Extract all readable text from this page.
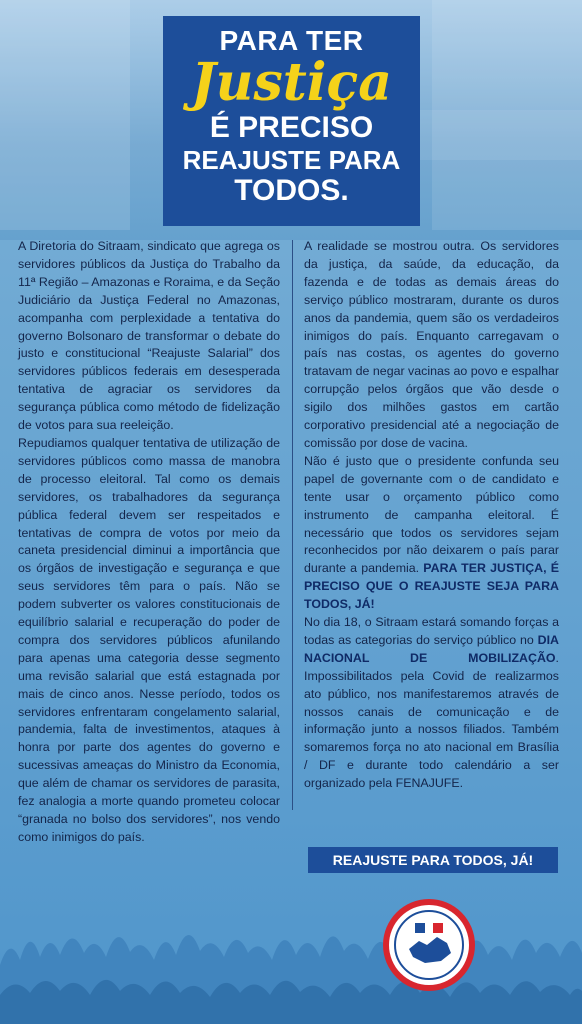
PARA TER
Justiça
É PRECISO
REAJUSTE PARA
TODOS.

A Diretoria do Sitraam, sindicato que agrega os servidores públicos da Justiça do Trabalho da 11ª Região – Amazonas e Roraima, e da Seção Judiciário da Justiça Federal no Amazonas, acompanha com perplexidade a tentativa do governo Bolsonaro de transformar o debate do justo e constitucional “Reajuste Salarial” dos servidores públicos federais em desesperada tentativa de agraciar os servidores da segurança pública como método de fidelização de votos para sua reeleição.

Repudiamos qualquer tentativa de utilização de servidores públicos como massa de manobra de processo eleitoral. Tal como os demais servidores, os trabalhadores da segurança pública federal devem ser respeitados e tentativas de compra de votos por meio da caneta presidencial diminui a importância que os órgãos de investigação e segurança e que seus servidores têm para o país. Não se podem subverter os valores constitucionais de equilíbrio salarial e recuperação do poder de compra dos servidores públicos afunilando para apenas uma categoria desse segmento uma revisão salarial que está estagnada por mais de cinco anos. Nesse período, todos os servidores enfrentaram congelamento salarial, pandemia, falta de investimentos, ataques à honra por parte dos agentes do governo e sucessivas ameaças do Ministro da Economia, que além de chamar os servidores de parasita, fez analogia a morte quando prometeu colocar “granada no bolso dos servidores”, nos vendo como inimigos do país.

A realidade se mostrou outra. Os servidores da justiça, da saúde, da educação, da fazenda e de todas as demais áreas do serviço público mostraram, durante os duros anos da pandemia, quem são os verdadeiros inimigos do país. Enquanto carregavam o país nas costas, os agentes do governo tratavam de negar vacinas ao povo e espalhar corrupção pelos órgãos que vão desde o sigilo dos milhões gastos em cartão corporativo presidencial até a negociação de comissão por dose de vacina.

Não é justo que o presidente confunda seu papel de governante com o de candidato e tente usar o orçamento público como instrumento de campanha eleitoral. É necessário que todos os servidores sejam reconhecidos por não deixarem o país parar durante a pandemia. PARA TER JUSTIÇA, É PRECISO QUE O REAJUSTE SEJA PARA TODOS, JÁ!

No dia 18, o Sitraam estará somando forças a todas as categorias do serviço público no DIA NACIONAL DE MOBILIZAÇÃO. Impossibilitados pela Covid de realizarmos ato público, nos manifestaremos através de nossos canais de comunicação e de informação junto a nossos filiados. Também somaremos força no ato nacional em Brasília / DF e durante todo calendário a ser organizado pela FENAJUFE.

REAJUSTE PARA TODOS, JÁ!
SITRAAMRR
